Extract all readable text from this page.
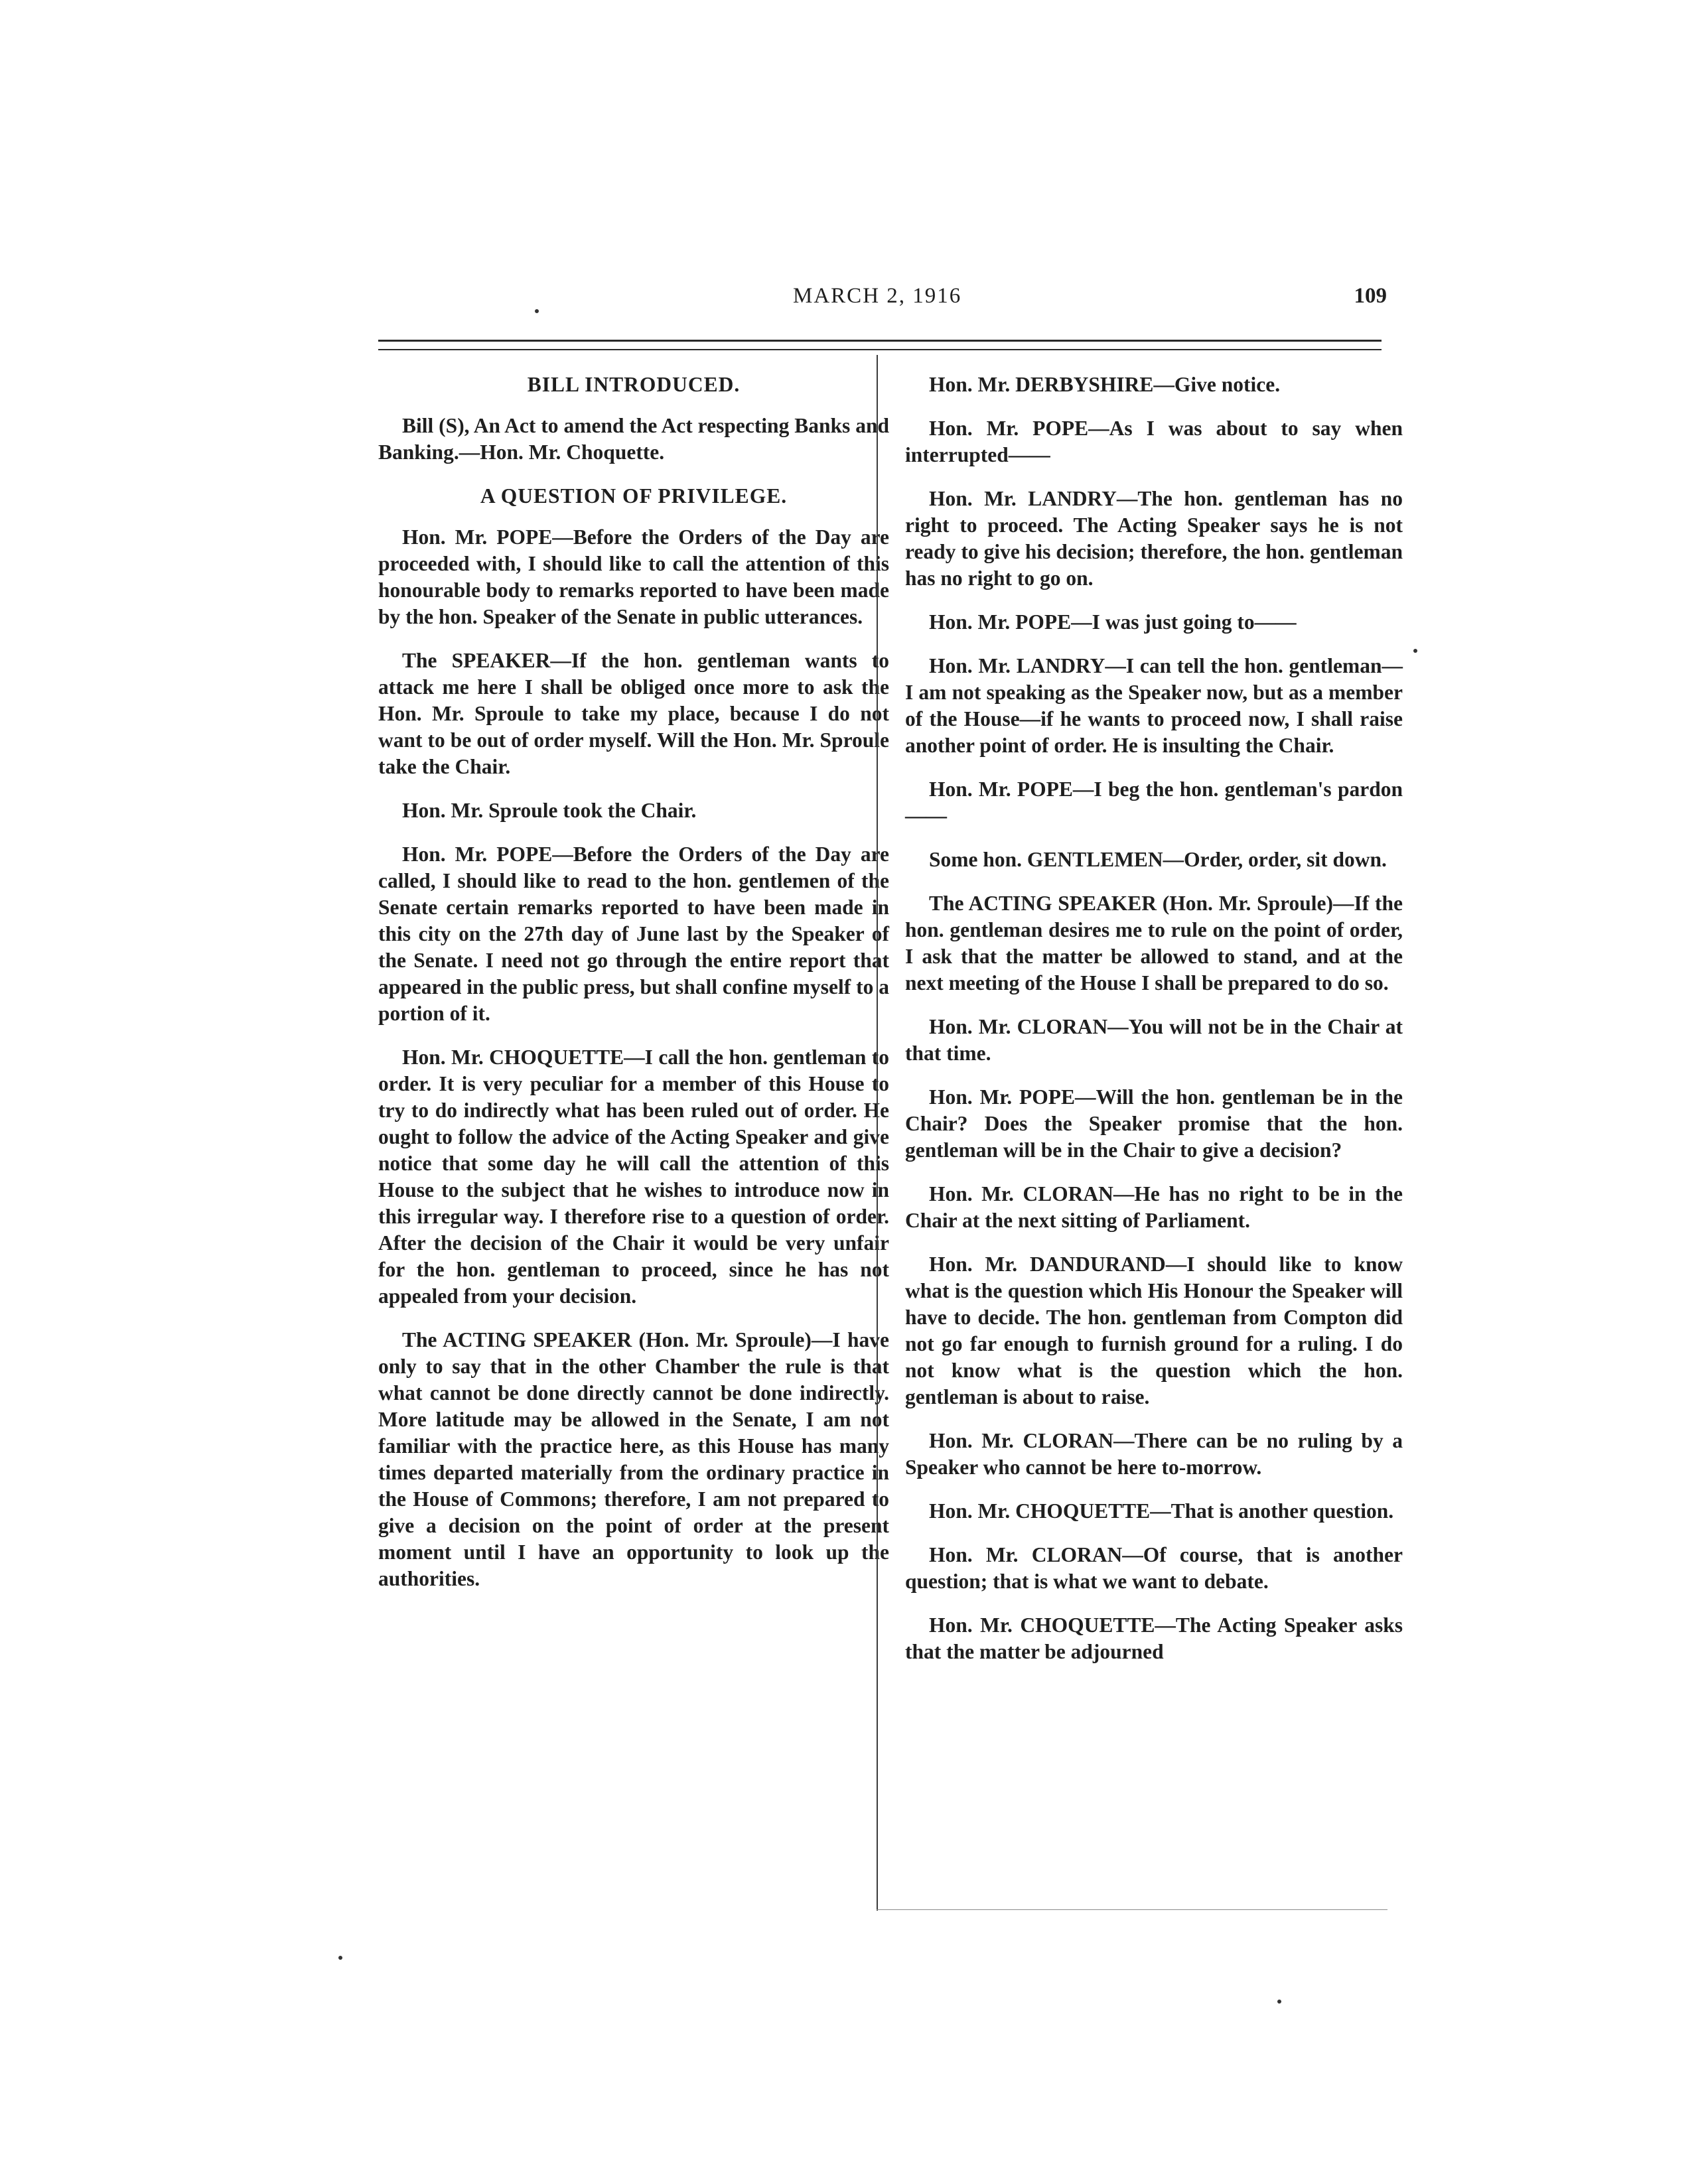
MARCH 2, 1916	109
BILL INTRODUCED.
Bill (S), An Act to amend the Act respecting Banks and Banking.—Hon. Mr. Choquette.
A QUESTION OF PRIVILEGE.
Hon. Mr. POPE—Before the Orders of the Day are proceeded with, I should like to call the attention of this honourable body to remarks reported to have been made by the hon. Speaker of the Senate in public utterances.
The SPEAKER—If the hon. gentleman wants to attack me here I shall be obliged once more to ask the Hon. Mr. Sproule to take my place, because I do not want to be out of order myself. Will the Hon. Mr. Sproule take the Chair.
Hon. Mr. Sproule took the Chair.
Hon. Mr. POPE—Before the Orders of the Day are called, I should like to read to the hon. gentlemen of the Senate certain remarks reported to have been made in this city on the 27th day of June last by the Speaker of the Senate. I need not go through the entire report that appeared in the public press, but shall confine myself to a portion of it.
Hon. Mr. CHOQUETTE—I call the hon. gentleman to order. It is very peculiar for a member of this House to try to do indirectly what has been ruled out of order. He ought to follow the advice of the Acting Speaker and give notice that some day he will call the attention of this House to the subject that he wishes to introduce now in this irregular way. I therefore rise to a question of order. After the decision of the Chair it would be very unfair for the hon. gentleman to proceed, since he has not appealed from your decision.
The ACTING SPEAKER (Hon. Mr. Sproule)—I have only to say that in the other Chamber the rule is that what cannot be done directly cannot be done indirectly. More latitude may be allowed in the Senate, I am not familiar with the practice here, as this House has many times departed materially from the ordinary practice in the House of Commons; therefore, I am not prepared to give a decision on the point of order at the present moment until I have an opportunity to look up the authorities.
Hon. Mr. DERBYSHIRE—Give notice.
Hon. Mr. POPE—As I was about to say when interrupted——
Hon. Mr. LANDRY—The hon. gentleman has no right to proceed. The Acting Speaker says he is not ready to give his decision; therefore, the hon. gentleman has no right to go on.
Hon. Mr. POPE—I was just going to——
Hon. Mr. LANDRY—I can tell the hon. gentleman—I am not speaking as the Speaker now, but as a member of the House—if he wants to proceed now, I shall raise another point of order. He is insulting the Chair.
Hon. Mr. POPE—I beg the hon. gentleman's pardon——
Some hon. GENTLEMEN—Order, order, sit down.
The ACTING SPEAKER (Hon. Mr. Sproule)—If the hon. gentleman desires me to rule on the point of order, I ask that the matter be allowed to stand, and at the next meeting of the House I shall be prepared to do so.
Hon. Mr. CLORAN—You will not be in the Chair at that time.
Hon. Mr. POPE—Will the hon. gentleman be in the Chair? Does the Speaker promise that the hon. gentleman will be in the Chair to give a decision?
Hon. Mr. CLORAN—He has no right to be in the Chair at the next sitting of Parliament.
Hon. Mr. DANDURAND—I should like to know what is the question which His Honour the Speaker will have to decide. The hon. gentleman from Compton did not go far enough to furnish ground for a ruling. I do not know what is the question which the hon. gentleman is about to raise.
Hon. Mr. CLORAN—There can be no ruling by a Speaker who cannot be here to-morrow.
Hon. Mr. CHOQUETTE—That is another question.
Hon. Mr. CLORAN—Of course, that is another question; that is what we want to debate.
Hon. Mr. CHOQUETTE—The Acting Speaker asks that the matter be adjourned
